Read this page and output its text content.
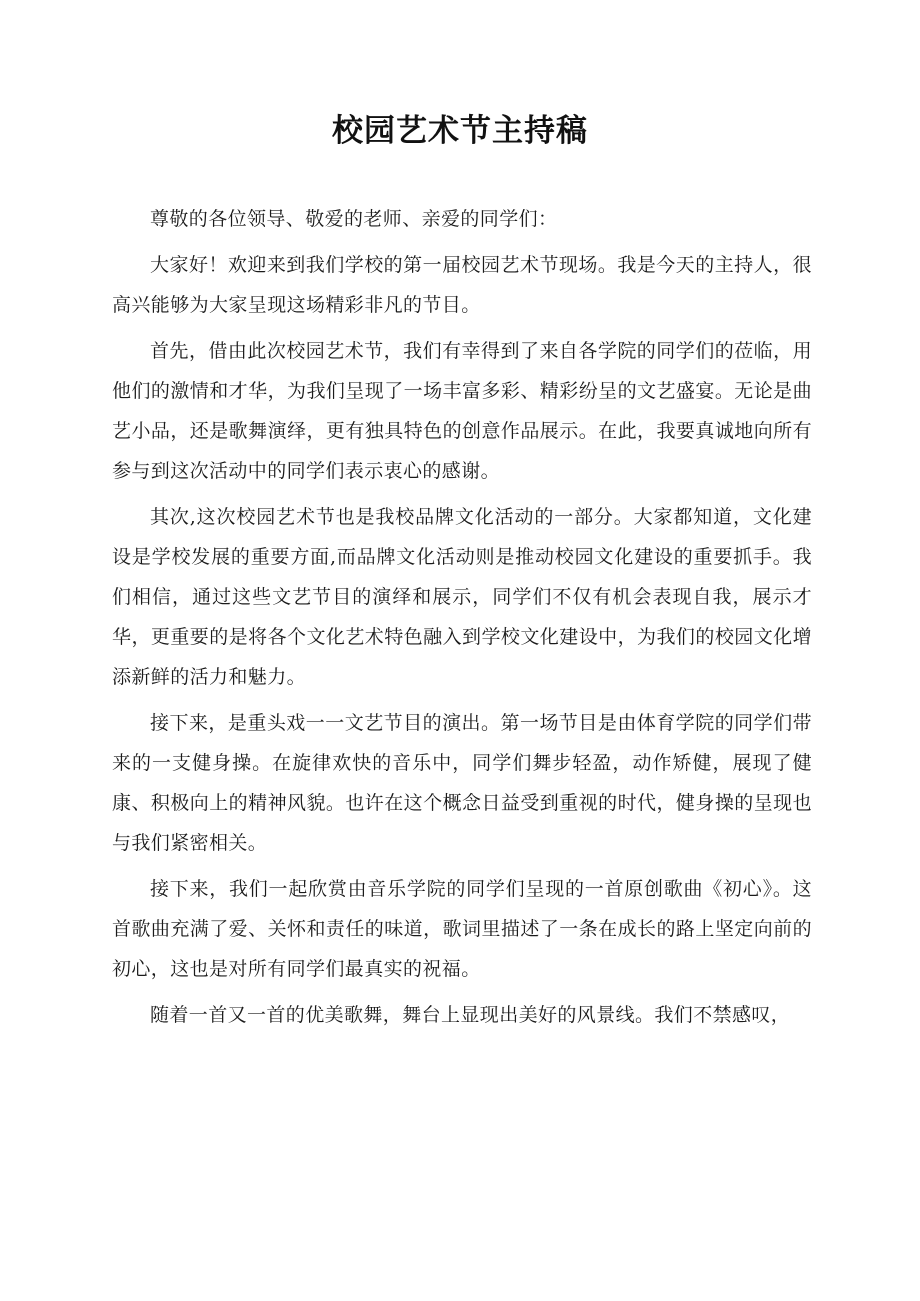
校园艺术节主持稿

尊敬的各位领导、敬爱的老师、亲爱的同学们：

大家好！欢迎来到我们学校的第一届校园艺术节现场。我是今天的主持人，很高兴能够为大家呈现这场精彩非凡的节目。

首先，借由此次校园艺术节，我们有幸得到了来自各学院的同学们的莅临，用他们的激情和才华，为我们呈现了一场丰富多彩、精彩纷呈的文艺盛宴。无论是曲艺小品，还是歌舞演绎，更有独具特色的创意作品展示。在此，我要真诚地向所有参与到这次活动中的同学们表示衷心的感谢。

其次,这次校园艺术节也是我校品牌文化活动的一部分。大家都知道，文化建设是学校发展的重要方面,而品牌文化活动则是推动校园文化建设的重要抓手。我们相信，通过这些文艺节目的演绎和展示，同学们不仅有机会表现自我，展示才华，更重要的是将各个文化艺术特色融入到学校文化建设中，为我们的校园文化增添新鲜的活力和魅力。

接下来，是重头戏一一文艺节目的演出。第一场节目是由体育学院的同学们带来的一支健身操。在旋律欢快的音乐中，同学们舞步轻盈，动作矫健，展现了健康、积极向上的精神风貌。也许在这个概念日益受到重视的时代，健身操的呈现也与我们紧密相关。

接下来，我们一起欣赏由音乐学院的同学们呈现的一首原创歌曲《初心》。这首歌曲充满了爱、关怀和责任的味道，歌词里描述了一条在成长的路上坚定向前的初心，这也是对所有同学们最真实的祝福。

随着一首又一首的优美歌舞，舞台上显现出美好的风景线。我们不禁感叹，
